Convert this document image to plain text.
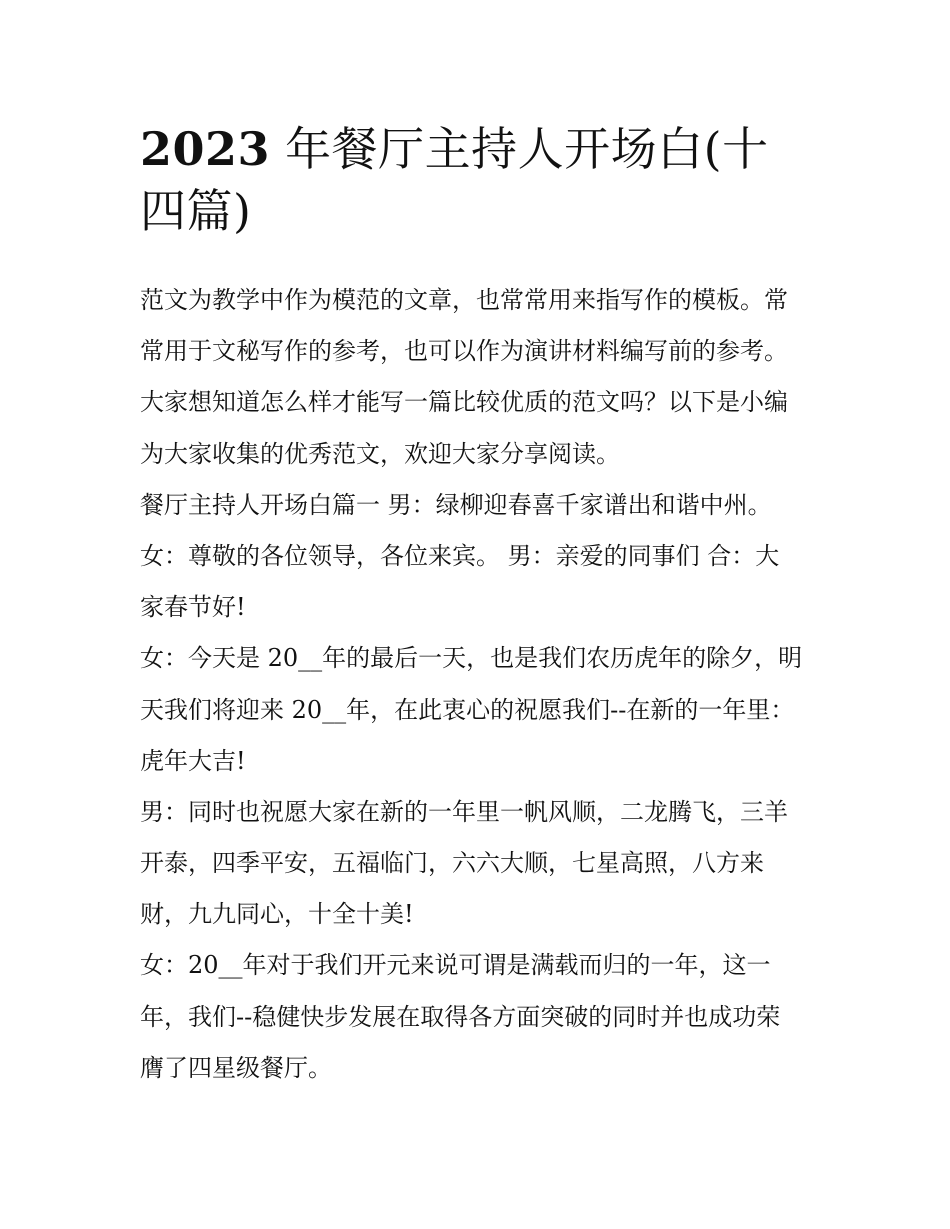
2023 年餐厅主持人开场白(十
四篇)
范文为教学中作为模范的文章，也常常用来指写作的模板。常
常用于文秘写作的参考，也可以作为演讲材料编写前的参考。
大家想知道怎么样才能写一篇比较优质的范文吗？以下是小编
为大家收集的优秀范文，欢迎大家分享阅读。
餐厅主持人开场白篇一 男：绿柳迎春喜千家谱出和谐中州。
女：尊敬的各位领导，各位来宾。 男：亲爱的同事们 合：大
家春节好!
女：今天是 20__年的最后一天，也是我们农历虎年的除夕，明
天我们将迎来 20__年，在此衷心的祝愿我们--在新的一年里：
虎年大吉!
男：同时也祝愿大家在新的一年里一帆风顺，二龙腾飞，三羊
开泰，四季平安，五福临门，六六大顺，七星高照，八方来
财，九九同心，十全十美!
女：20__年对于我们开元来说可谓是满载而归的一年，这一
年，我们--稳健快步发展在取得各方面突破的同时并也成功荣
膺了四星级餐厅。
